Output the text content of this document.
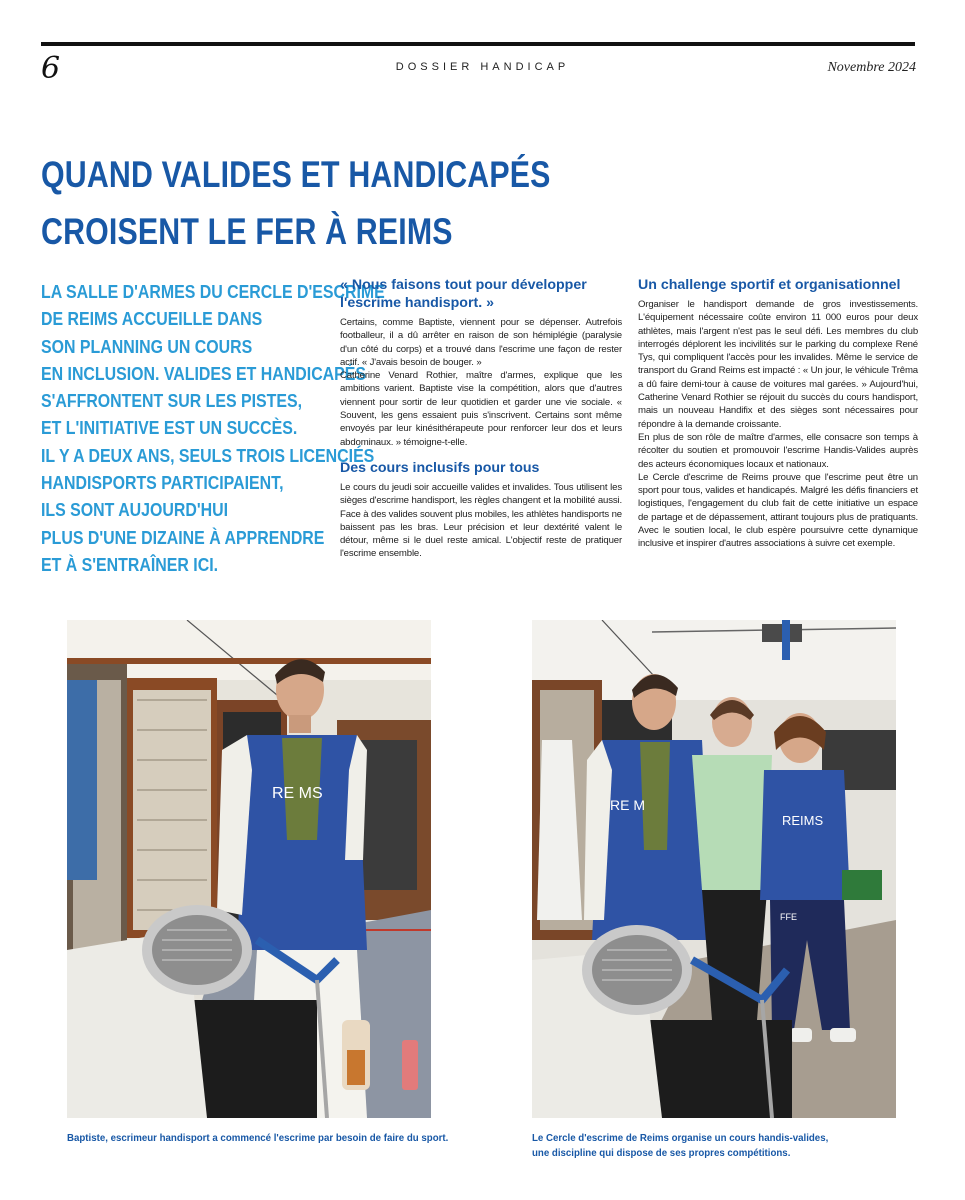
6	DOSSIER HANDICAP	Novembre 2024
QUAND VALIDES ET HANDICAPÉS
CROISENT LE FER À REIMS
LA SALLE D'ARMES DU CERCLE D'ESCRIME
DE REIMS ACCUEILLE DANS
SON PLANNING UN COURS
EN INCLUSION. VALIDES ET HANDICAPÉS
S'AFFRONTENT SUR LES PISTES,
ET L'INITIATIVE EST UN SUCCÈS.
IL Y A DEUX ANS, SEULS TROIS LICENCIÉS
HANDISPORTS PARTICIPAIENT,
ILS SONT AUJOURD'HUI
PLUS D'UNE DIZAINE À APPRENDRE
ET À S'ENTRAÎNER ICI.
« Nous faisons tout pour développer l'escrime handisport. »

Certains, comme Baptiste, viennent pour se dépenser. Autrefois footballeur, il a dû arrêter en raison de son hémiplégie (paralysie d'un côté du corps) et a trouvé dans l'escrime une façon de rester actif. « J'avais besoin de bouger. »

Catherine Venard Rothier, maître d'armes, explique que les ambitions varient. Baptiste vise la compétition, alors que d'autres viennent pour sortir de leur quotidien et garder une vie sociale. « Souvent, les gens essaient puis s'inscrivent. Certains sont même envoyés par leur kinésithérapeute pour renforcer leur dos et leurs abdominaux. » témoigne-t-elle.

Des cours inclusifs pour tous

Le cours du jeudi soir accueille valides et invalides. Tous utilisent les sièges d'escrime handisport, les règles changent et la mobilité aussi. Face à des valides souvent plus mobiles, les athlètes handisports ne baissent pas les bras. Leur précision et leur dextérité valent le détour, même si le duel reste amical. L'objectif reste de pratiquer l'escrime ensemble.

Un challenge sportif et organisationnel

Organiser le handisport demande de gros investissements. L'équipement nécessaire coûte environ 11 000 euros pour deux athlètes, mais l'argent n'est pas le seul défi. Les membres du club interrogés déplorent les incivilités sur le parking du complexe René Tys, qui compliquent l'accès pour les invalides. Même le service de transport du Grand Reims est impacté : « Un jour, le véhicule Trêma a dû faire demi-tour à cause de voitures mal garées. » Aujourd'hui, Catherine Venard Rothier se réjouit du succès du cours handisport, mais un nouveau Handifix et des sièges sont nécessaires pour répondre à la demande croissante.

En plus de son rôle de maître d'armes, elle consacre son temps à récolter du soutien et promouvoir l'escrime Handis-Valides auprès des acteurs économiques locaux et nationaux.

Le Cercle d'escrime de Reims prouve que l'escrime peut être un sport pour tous, valides et handicapés. Malgré les défis financiers et logistiques, l'engagement du club fait de cette initiative un espace de partage et de dépassement, attirant toujours plus de pratiquants. Avec le soutien local, le club espère poursuivre cette dynamique inclusive et inspirer d'autres associations à suivre cet exemple.

RE MS
RE M
REIMS
FFE
Baptiste, escrimeur handisport a commencé l'escrime par besoin de faire du sport.	Le Cercle d'escrime de Reims organise un cours handis-valides,
une discipline qui dispose de ses propres compétitions.
